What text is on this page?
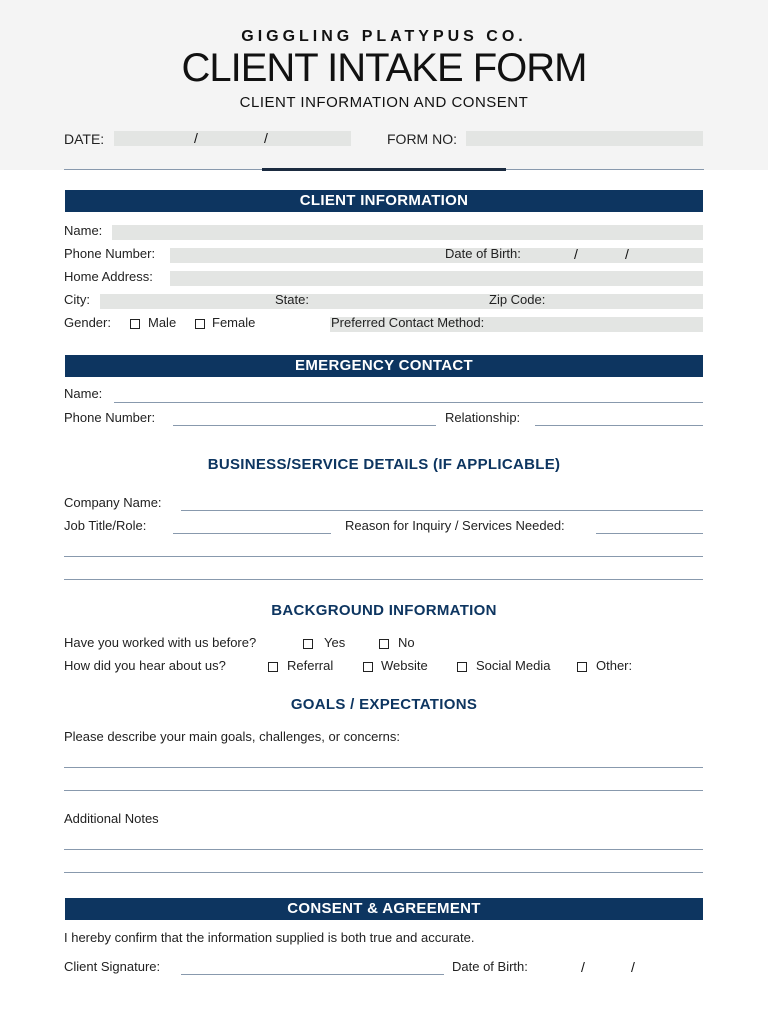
GIGGLING PLATYPUS CO.
CLIENT INTAKE FORM
CLIENT INFORMATION AND CONSENT
DATE:	/	/	FORM NO:
CLIENT INFORMATION
Name:
Phone Number:	Date of Birth:	/	/
Home Address:
City:	State:	Zip Code:
Gender:	Male	Female	Preferred Contact Method:
EMERGENCY CONTACT
Name:
Phone Number:	Relationship:
BUSINESS/SERVICE DETAILS (IF APPLICABLE)
Company Name:
Job Title/Role:	Reason for Inquiry / Services Needed:
BACKGROUND INFORMATION
Have you worked with us before?	Yes	No
How did you hear about us?	Referral	Website	Social Media	Other:
GOALS / EXPECTATIONS
Please describe your main goals, challenges, or concerns:
Additional Notes
CONSENT & AGREEMENT
I hereby confirm that the information supplied is both true and accurate.
Client Signature:	Date of Birth:	/	/
